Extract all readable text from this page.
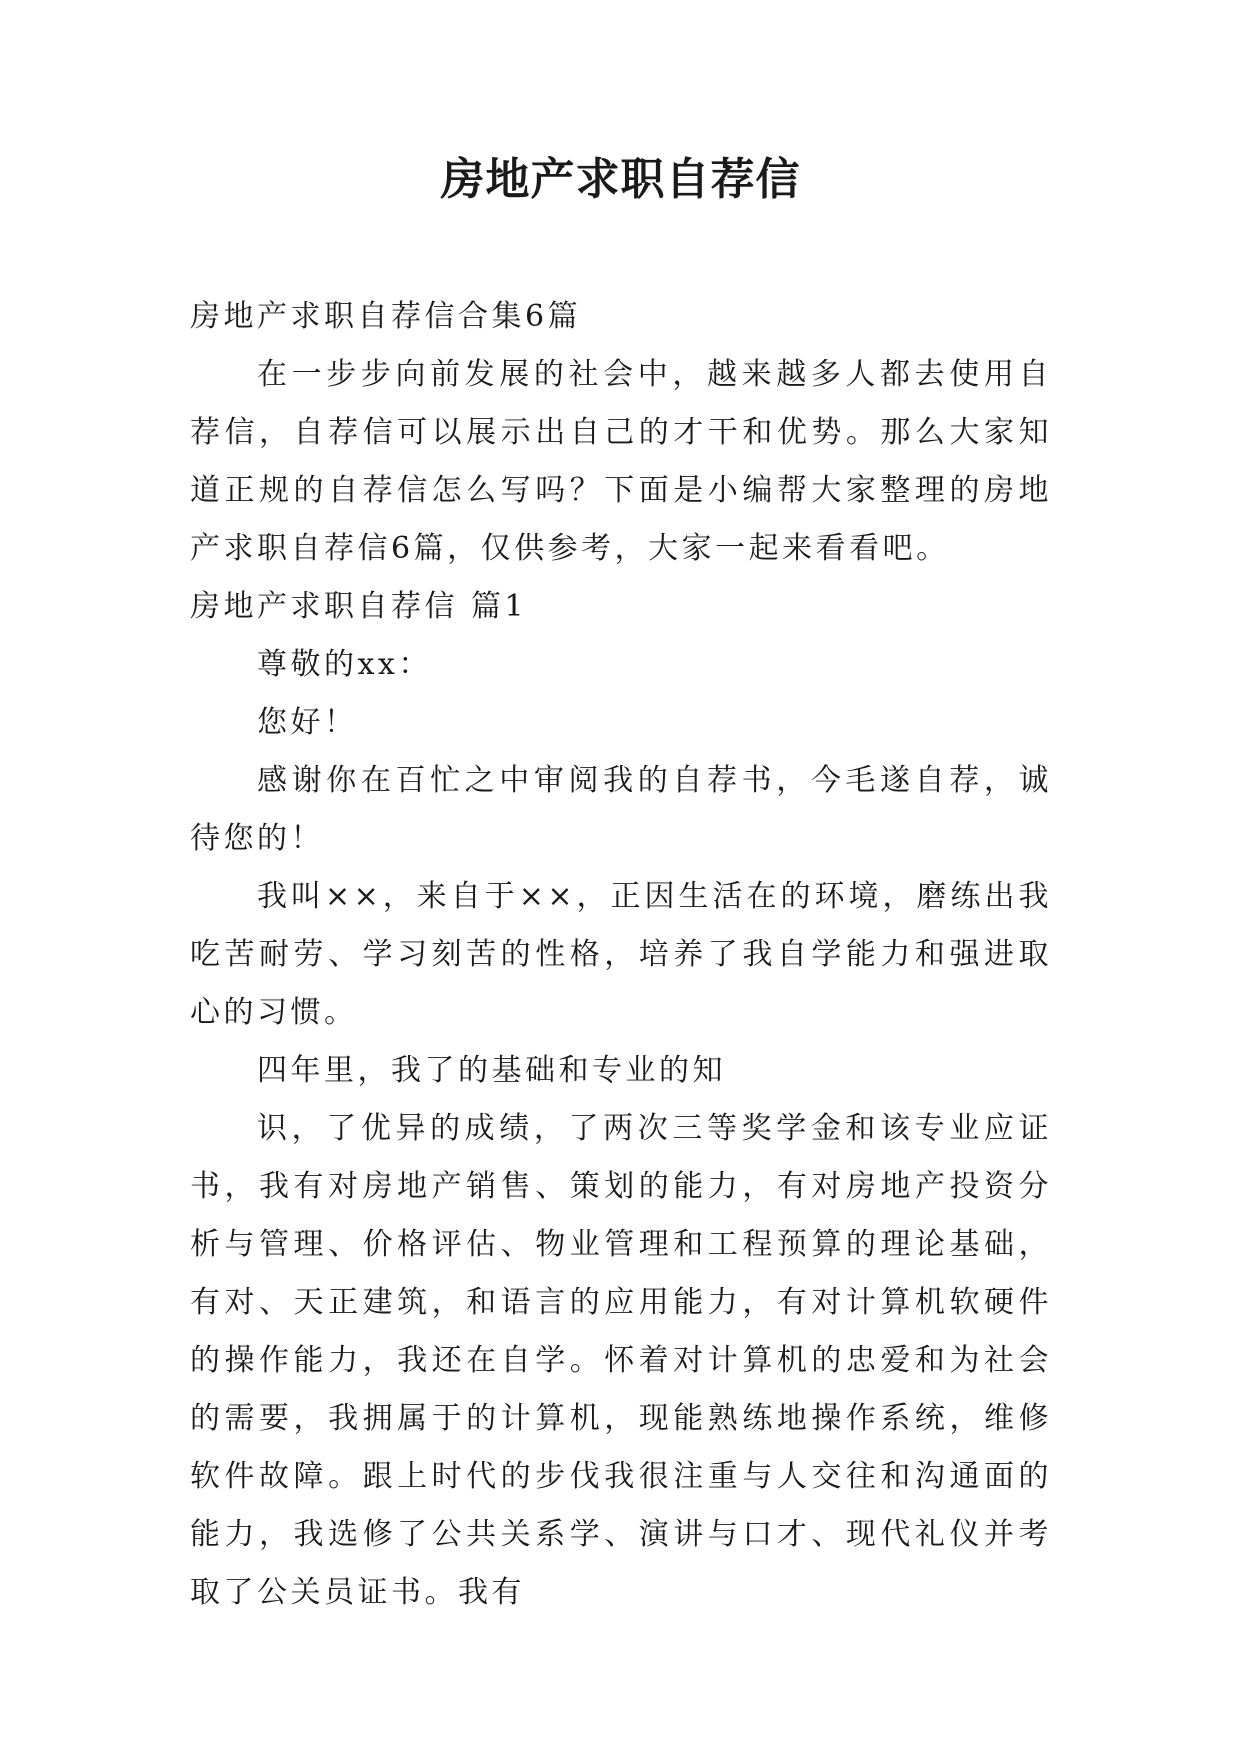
房地产求职自荐信

房地产求职自荐信合集6篇

在一步步向前发展的社会中，越来越多人都去使用自荐信，自荐信可以展示出自己的才干和优势。那么大家知道正规的自荐信怎么写吗？下面是小编帮大家整理的房地产求职自荐信6篇，仅供参考，大家一起来看看吧。

房地产求职自荐信 篇1

尊敬的xx：

您好！

感谢你在百忙之中审阅我的自荐书，今毛遂自荐，诚待您的！

我叫××，来自于××，正因生活在的环境，磨练出我吃苦耐劳、学习刻苦的性格，培养了我自学能力和强进取心的习惯。

四年里，我了的基础和专业的知

识，了优异的成绩，了两次三等奖学金和该专业应证书，我有对房地产销售、策划的能力，有对房地产投资分析与管理、价格评估、物业管理和工程预算的理论基础，有对、天正建筑，和语言的应用能力，有对计算机软硬件的操作能力，我还在自学。怀着对计算机的忠爱和为社会的需要，我拥属于的计算机，现能熟练地操作系统，维修软件故障。跟上时代的步伐我很注重与人交往和沟通面的能力，我选修了公共关系学、演讲与口才、现代礼仪并考取了公关员证书。我有
